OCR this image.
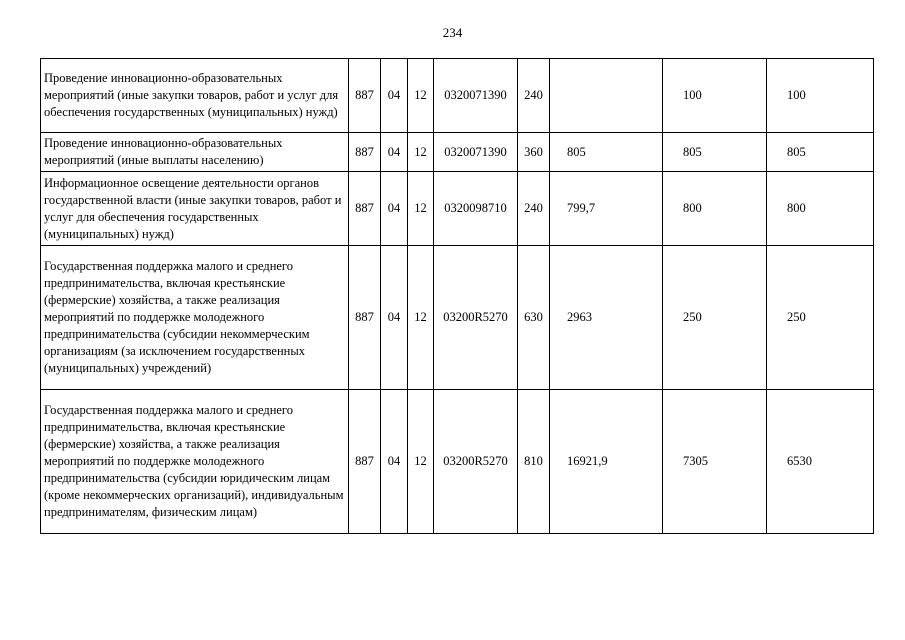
234
Проведение инновационно-образовательных мероприятий (иные закупки товаров, работ и услуг для обеспечения государственных (муниципальных) нужд)	887	04	12	0320071390	240		100	100
Проведение инновационно-образовательных мероприятий (иные выплаты населению)	887	04	12	0320071390	360	805	805	805
Информационное освещение деятельности органов государственной власти (иные закупки товаров, работ и услуг для обеспечения государственных (муниципальных) нужд)	887	04	12	0320098710	240	799,7	800	800
Государственная поддержка малого и среднего предпринимательства, включая крестьянские (фермерские) хозяйства, а также реализация мероприятий по поддержке молодежного предпринимательства (субсидии некоммерческим организациям (за исключением государственных (муниципальных) учреждений)	887	04	12	03200R5270	630	2963	250	250
Государственная поддержка малого и среднего предпринимательства, включая крестьянские (фермерские) хозяйства, а также реализация мероприятий по поддержке молодежного предпринимательства (субсидии юридическим лицам (кроме некоммерческих организаций), индивидуальным предпринимателям, физическим лицам)	887	04	12	03200R5270	810	16921,9	7305	6530
